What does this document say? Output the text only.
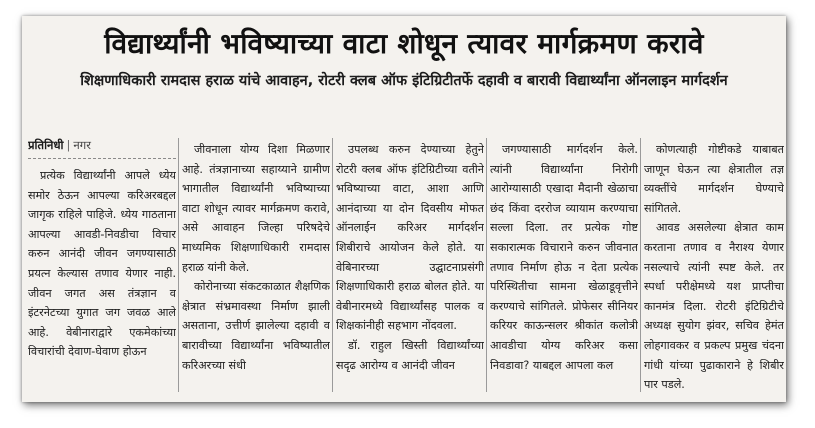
विद्यार्थ्यांनी भविष्याच्या वाटा शोधून त्यावर मार्गक्रमण करावे
शिक्षणाधिकारी रामदास हराळ यांचे आवाहन, रोटरी क्लब ऑफ इंटिग्रिटीतर्फे दहावी व बारावी विद्यार्थ्यांना ऑनलाइन मार्गदर्शन
प्रतिनिधी | नगर

प्रत्येक विद्यार्थ्यांनी आपले ध्येय समोर ठेऊन आपल्या करिअरबद्दल जागृक राहिले पाहिजे. ध्येय गाठताना आपल्या आवडी-निवडीचा विचार करुन आनंदी जीवन जगण्यासाठी प्रयत्न केल्यास तणाव येणार नाही. जीवन जगत अस तंत्रज्ञान व इंटरनेटच्या युगात जग जवळ आले आहे. वेबीनाराद्वारे एकमेकांच्या विचारांची देवाण-घेवाण होऊन

जीवनाला योग्य दिशा मिळणार आहे. तंत्रज्ञानाच्या सहाय्याने ग्रामीण भागातील विद्यार्थ्यांनी भविष्याच्या वाटा शोधून त्यावर मार्गक्रमण करावे, असे आवाहन जिल्हा परिषदेचे माध्यमिक शिक्षणाधिकारी रामदास हराळ यांनी केले.

कोरोनाच्या संकटकाळात शैक्षणिक क्षेत्रात संभ्रमावस्था निर्माण झाली असताना, उत्तीर्ण झालेल्या दहावी व बारावीच्या विद्यार्थ्यांना भविष्यातील करिअरच्या संधी

उपलब्ध करुन देण्याच्या हेतुने रोटरी क्लब ऑफ इंटिग्रिटीच्या वतीने भविष्याच्या वाटा, आशा आणि आनंदाच्या या दोन दिवसीय मोफत ऑनलाईन करिअर मार्गदर्शन शिबीराचे आयोजन केले होते. या वेबिनारच्या उद्घाटनाप्रसंगी शिक्षणाधिकारी हराळ बोलत होते. या वेबीनारमध्ये विद्यार्थ्यांसह पालक व शिक्षकांनीही सहभाग नोंदवला.

डॉ. राहुल खिस्ती विद्यार्थ्यांच्या सदृढ आरोग्य व आनंदी जीवन

जगण्यासाठी मार्गदर्शन केले. त्यांनी विद्यार्थ्यांना निरोगी आरोग्यासाठी एखादा मैदानी खेळाचा छंद किंवा दररोज व्यायाम करण्याचा सल्ला दिला. तर प्रत्येक गोष्ट सकारात्मक विचाराने करुन जीवनात तणाव निर्माण होऊ न देता प्रत्येक परिस्थितीचा सामना खेळाडूवृत्तीने करण्याचे सांगितले. प्रोफेसर सीनियर करियर काऊन्सलर श्रीकांत कलोत्री आवडीचा योग्य करिअर कसा निवडावा? याबद्दल आपला कल

कोणत्याही गोष्टीकडे याबाबत जाणून घेऊन त्या क्षेत्रातील तज्ञ व्यक्तींचे मार्गदर्शन घेण्याचे सांगितले.

आवड असलेल्या क्षेत्रात काम करताना तणाव व नैराश्य येणार नसल्याचे त्यांनी स्पष्ट केले. तर स्पर्धा परीक्षेमध्ये यश प्राप्तीचा कानमंत्र दिला. रोटरी इंटिग्रिटीचे अध्यक्ष सुयोग झंवर, सचिव हेमंत लोहगावकर व प्रकल्प प्रमुख चंदना गांधी यांच्या पुढाकाराने हे शिबीर पार पडले.
